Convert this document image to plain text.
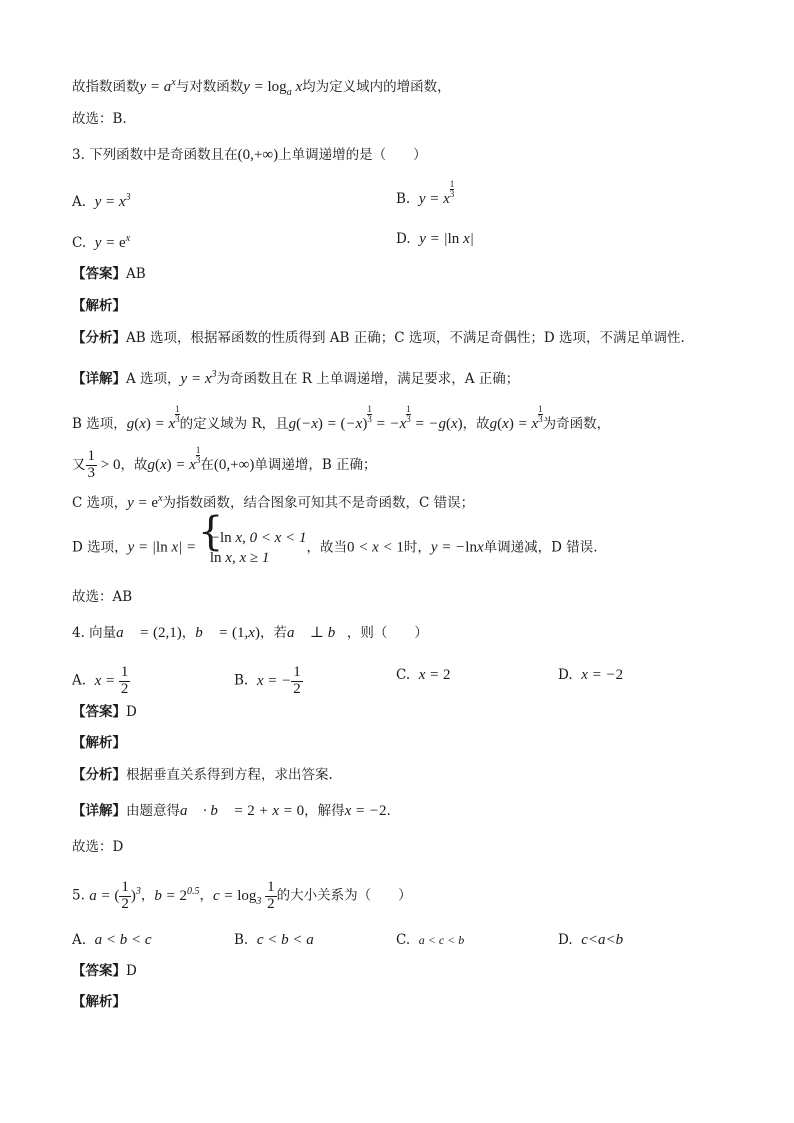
故指数函数$y = a^x$与对数函数$y = \log_a x$均为定义域内的增函数，
故选：B.
3. 下列函数中是奇函数且在(0,+∞)上单调递增的是（　　）
A. $y = x^3$	B. y = x $\frac{1}{3}$
C. $y = e^x$	D. y = |ln x|
【答案】AB
【解析】
【分析】AB 选项，根据幂函数的性质得到 AB 正确；C 选项，不满足奇偶性；D 选项，不满足单调性.
【详解】A 选项，$y = x^3$为奇函数且在 R 上单调递增，满足要求，A 正确；
B 选项，g(x) = x $\frac{1}{3}$ 的定义域为 R，且$g(-x) = (-x) \frac{1}{3} = -x \frac{1}{3} = -g(x)$，故g(x) = x $\frac{1}{3}$ 为奇函数，
又 $\frac{1}{3} > 0$，故g(x) = x $\frac{1}{3}$ 在(0,+∞)单调递增，B 正确；
C 选项，$y = e^x$为指数函数，结合图象可知其不是奇函数，C 错误；
D 选项，y = |ln x| =
{ −ln x, 0 < x < 1
ln x, x ≥ 1
，故当0 < x < 1时，y = −lnx单调递减，D 错误.
故选：AB
4. 向量a⃗ = (2,1)，b⃗ = (1,x)，若a⃗ ⊥ b⃗，则（　　）
A. $x = \frac{1}{2}$	B. x = − $\frac{1}{2}$	C. x = 2	D. x = −2
【答案】D
【解析】
【分析】根据垂直关系得到方程，求出答案.
【详解】由题意得a⃗ · b⃗ = 2 + x = 0，解得x = −2.
故选：D
5. a = ( $\frac{1}{2} )^3$，$b = 2^{0.5}$，$c = \log_3 \frac{1}{2}$ 的大小关系为（　　）
A. a < b < c	B. c < b < a	C. a < c < b	D. c<a<b
【答案】D
【解析】
